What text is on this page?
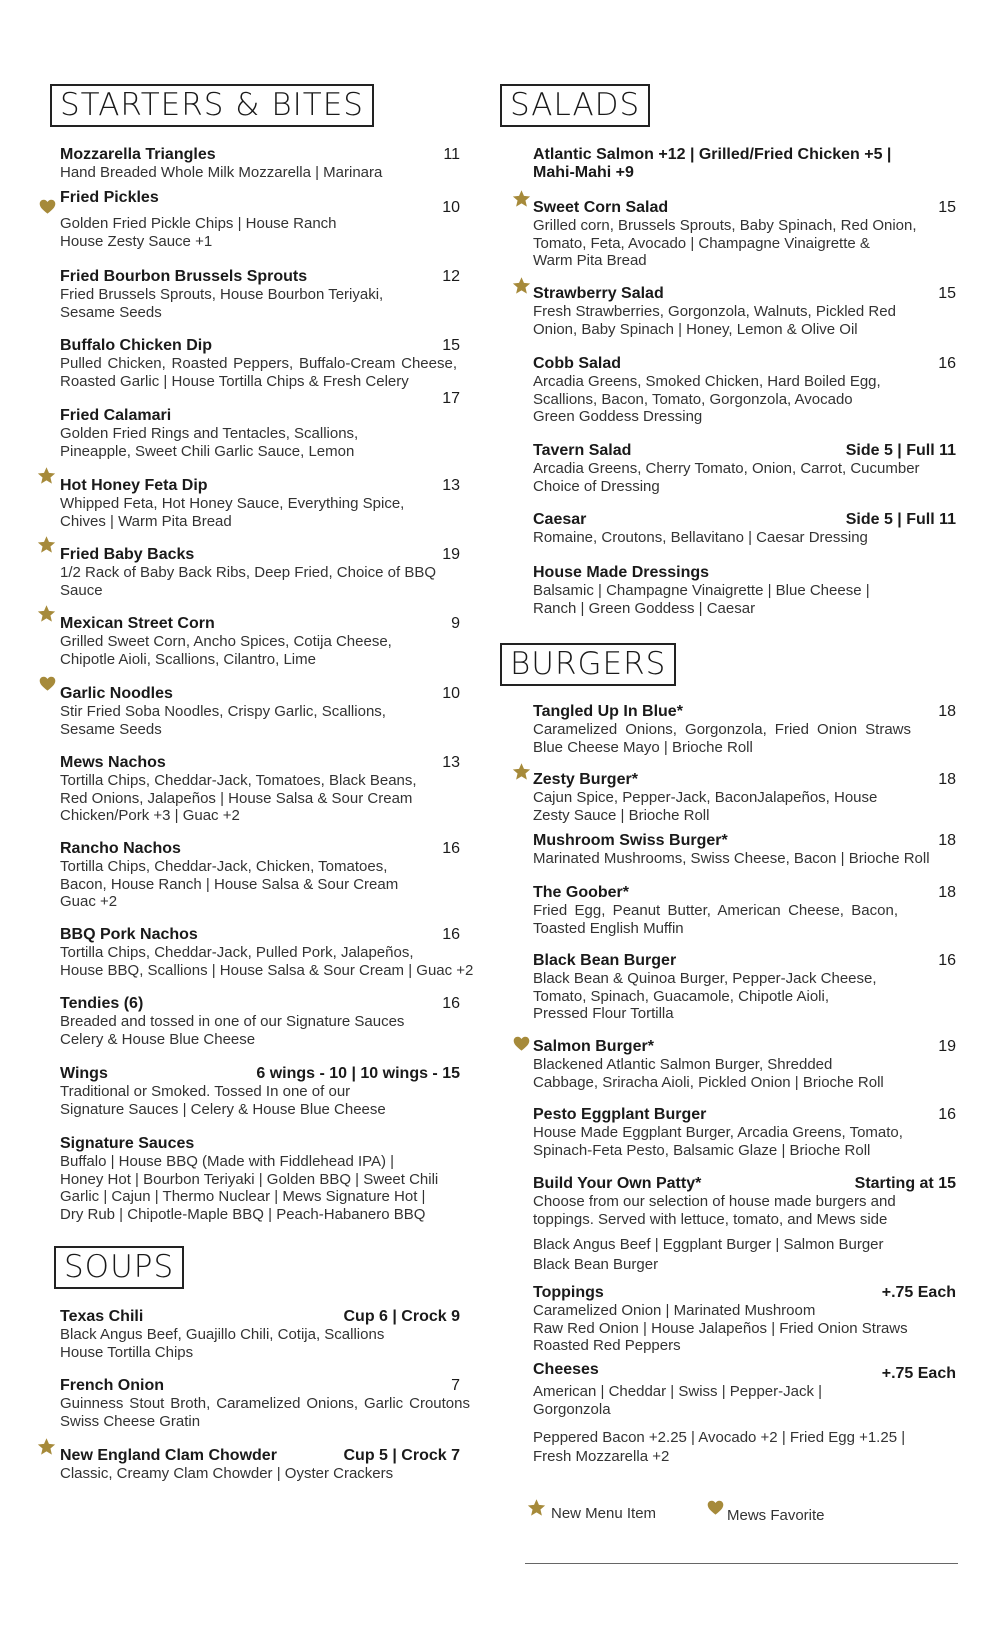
STARTERS & BITES
Mozzarella Triangles
Hand Breaded Whole Milk Mozzarella | Marinara
11
Fried Pickles
Golden Fried Pickle Chips | House Ranch
House Zesty Sauce +1
10
Fried Bourbon Brussels Sprouts
Fried Brussels Sprouts, House Bourbon Teriyaki,
Sesame Seeds
12
Buffalo Chicken Dip
Pulled Chicken, Roasted Peppers, Buffalo-Cream Cheese, Roasted Garlic | House Tortilla Chips & Fresh Celery
15
17
Fried Calamari
Golden Fried Rings and Tentacles, Scallions,
Pineapple, Sweet Chili Garlic Sauce, Lemon
Hot Honey Feta Dip
Whipped Feta, Hot Honey Sauce, Everything Spice,
Chives | Warm Pita Bread
13
Fried Baby Backs
1/2 Rack of Baby Back Ribs, Deep Fried, Choice of BBQ
Sauce
19
Mexican Street Corn
Grilled Sweet Corn, Ancho Spices, Cotija Cheese,
Chipotle Aioli, Scallions, Cilantro, Lime
9
Garlic Noodles
Stir Fried Soba Noodles, Crispy Garlic, Scallions,
Sesame Seeds
10
Mews Nachos
Tortilla Chips, Cheddar-Jack, Tomatoes, Black Beans,
Red Onions, Jalapeños | House Salsa & Sour Cream
Chicken/Pork +3 | Guac +2
13
Rancho Nachos
Tortilla Chips, Cheddar-Jack, Chicken, Tomatoes,
Bacon, House Ranch | House Salsa & Sour Cream
Guac +2
16
BBQ Pork Nachos
Tortilla Chips, Cheddar-Jack, Pulled Pork, Jalapeños,
House BBQ, Scallions | House Salsa & Sour Cream | Guac +2
16
Tendies (6)
Breaded and tossed in one of our Signature Sauces
Celery & House Blue Cheese
16
Wings
Traditional or Smoked. Tossed In one of our
Signature Sauces | Celery & House Blue Cheese
6 wings - 10 | 10 wings - 15
Signature Sauces
Buffalo | House BBQ (Made with Fiddlehead IPA) |
Honey Hot | Bourbon Teriyaki | Golden BBQ | Sweet Chili
Garlic | Cajun | Thermo Nuclear | Mews Signature Hot |
Dry Rub | Chipotle-Maple BBQ | Peach-Habanero BBQ
SOUPS
Texas Chili
Black Angus Beef, Guajillo Chili, Cotija, Scallions
House Tortilla Chips
Cup 6 | Crock 9
French Onion
Guinness Stout Broth, Caramelized Onions, Garlic Croutons Swiss Cheese Gratin
7
New England Clam Chowder
Classic, Creamy Clam Chowder | Oyster Crackers
Cup 5 | Crock 7
SALADS
Atlantic Salmon +12 | Grilled/Fried Chicken +5 |
Mahi-Mahi +9
Sweet Corn Salad
Grilled corn, Brussels Sprouts, Baby Spinach, Red Onion,
Tomato, Feta, Avocado | Champagne Vinaigrette &
Warm Pita Bread
15
Strawberry Salad
Fresh Strawberries, Gorgonzola, Walnuts, Pickled Red
Onion, Baby Spinach | Honey, Lemon & Olive Oil
15
Cobb Salad
Arcadia Greens, Smoked Chicken, Hard Boiled Egg,
Scallions, Bacon, Tomato, Gorgonzola, Avocado
Green Goddess Dressing
16
Tavern Salad
Arcadia Greens, Cherry Tomato, Onion, Carrot, Cucumber
Choice of Dressing
Side 5 | Full 11
Caesar
Romaine, Croutons, Bellavitano | Caesar Dressing
Side 5 | Full 11
House Made Dressings
Balsamic | Champagne Vinaigrette | Blue Cheese |
Ranch | Green Goddess | Caesar
BURGERS
Tangled Up In Blue*
Caramelized Onions, Gorgonzola, Fried Onion Straws Blue Cheese Mayo | Brioche Roll
18
Zesty Burger*
Cajun Spice, Pepper-Jack, BaconJalapeños, House
Zesty Sauce | Brioche Roll
18
Mushroom Swiss Burger*
Marinated Mushrooms, Swiss Cheese, Bacon | Brioche Roll
18
The Goober*
Fried Egg, Peanut Butter, American Cheese, Bacon, Toasted English Muffin
18
Black Bean Burger
Black Bean & Quinoa Burger, Pepper-Jack Cheese,
Tomato, Spinach, Guacamole, Chipotle Aioli,
Pressed Flour Tortilla
16
Salmon Burger*
Blackened Atlantic Salmon Burger, Shredded
Cabbage, Sriracha Aioli, Pickled Onion | Brioche Roll
19
Pesto Eggplant Burger
House Made Eggplant Burger, Arcadia Greens, Tomato,
Spinach-Feta Pesto, Balsamic Glaze | Brioche Roll
16
Build Your Own Patty*
Choose from our selection of house made burgers and
toppings. Served with lettuce, tomato, and Mews side
Starting at 15
Black Angus Beef | Eggplant Burger | Salmon Burger
Black Bean Burger
Toppings
Caramelized Onion | Marinated Mushroom
Raw Red Onion | House Jalapeños | Fried Onion Straws
Roasted Red Peppers
+.75 Each
Cheeses
American | Cheddar | Swiss | Pepper-Jack |
Gorgonzola
+.75 Each
Peppered Bacon +2.25 | Avocado +2 | Fried Egg +1.25 |
Fresh Mozzarella +2
New Menu Item	Mews Favorite
